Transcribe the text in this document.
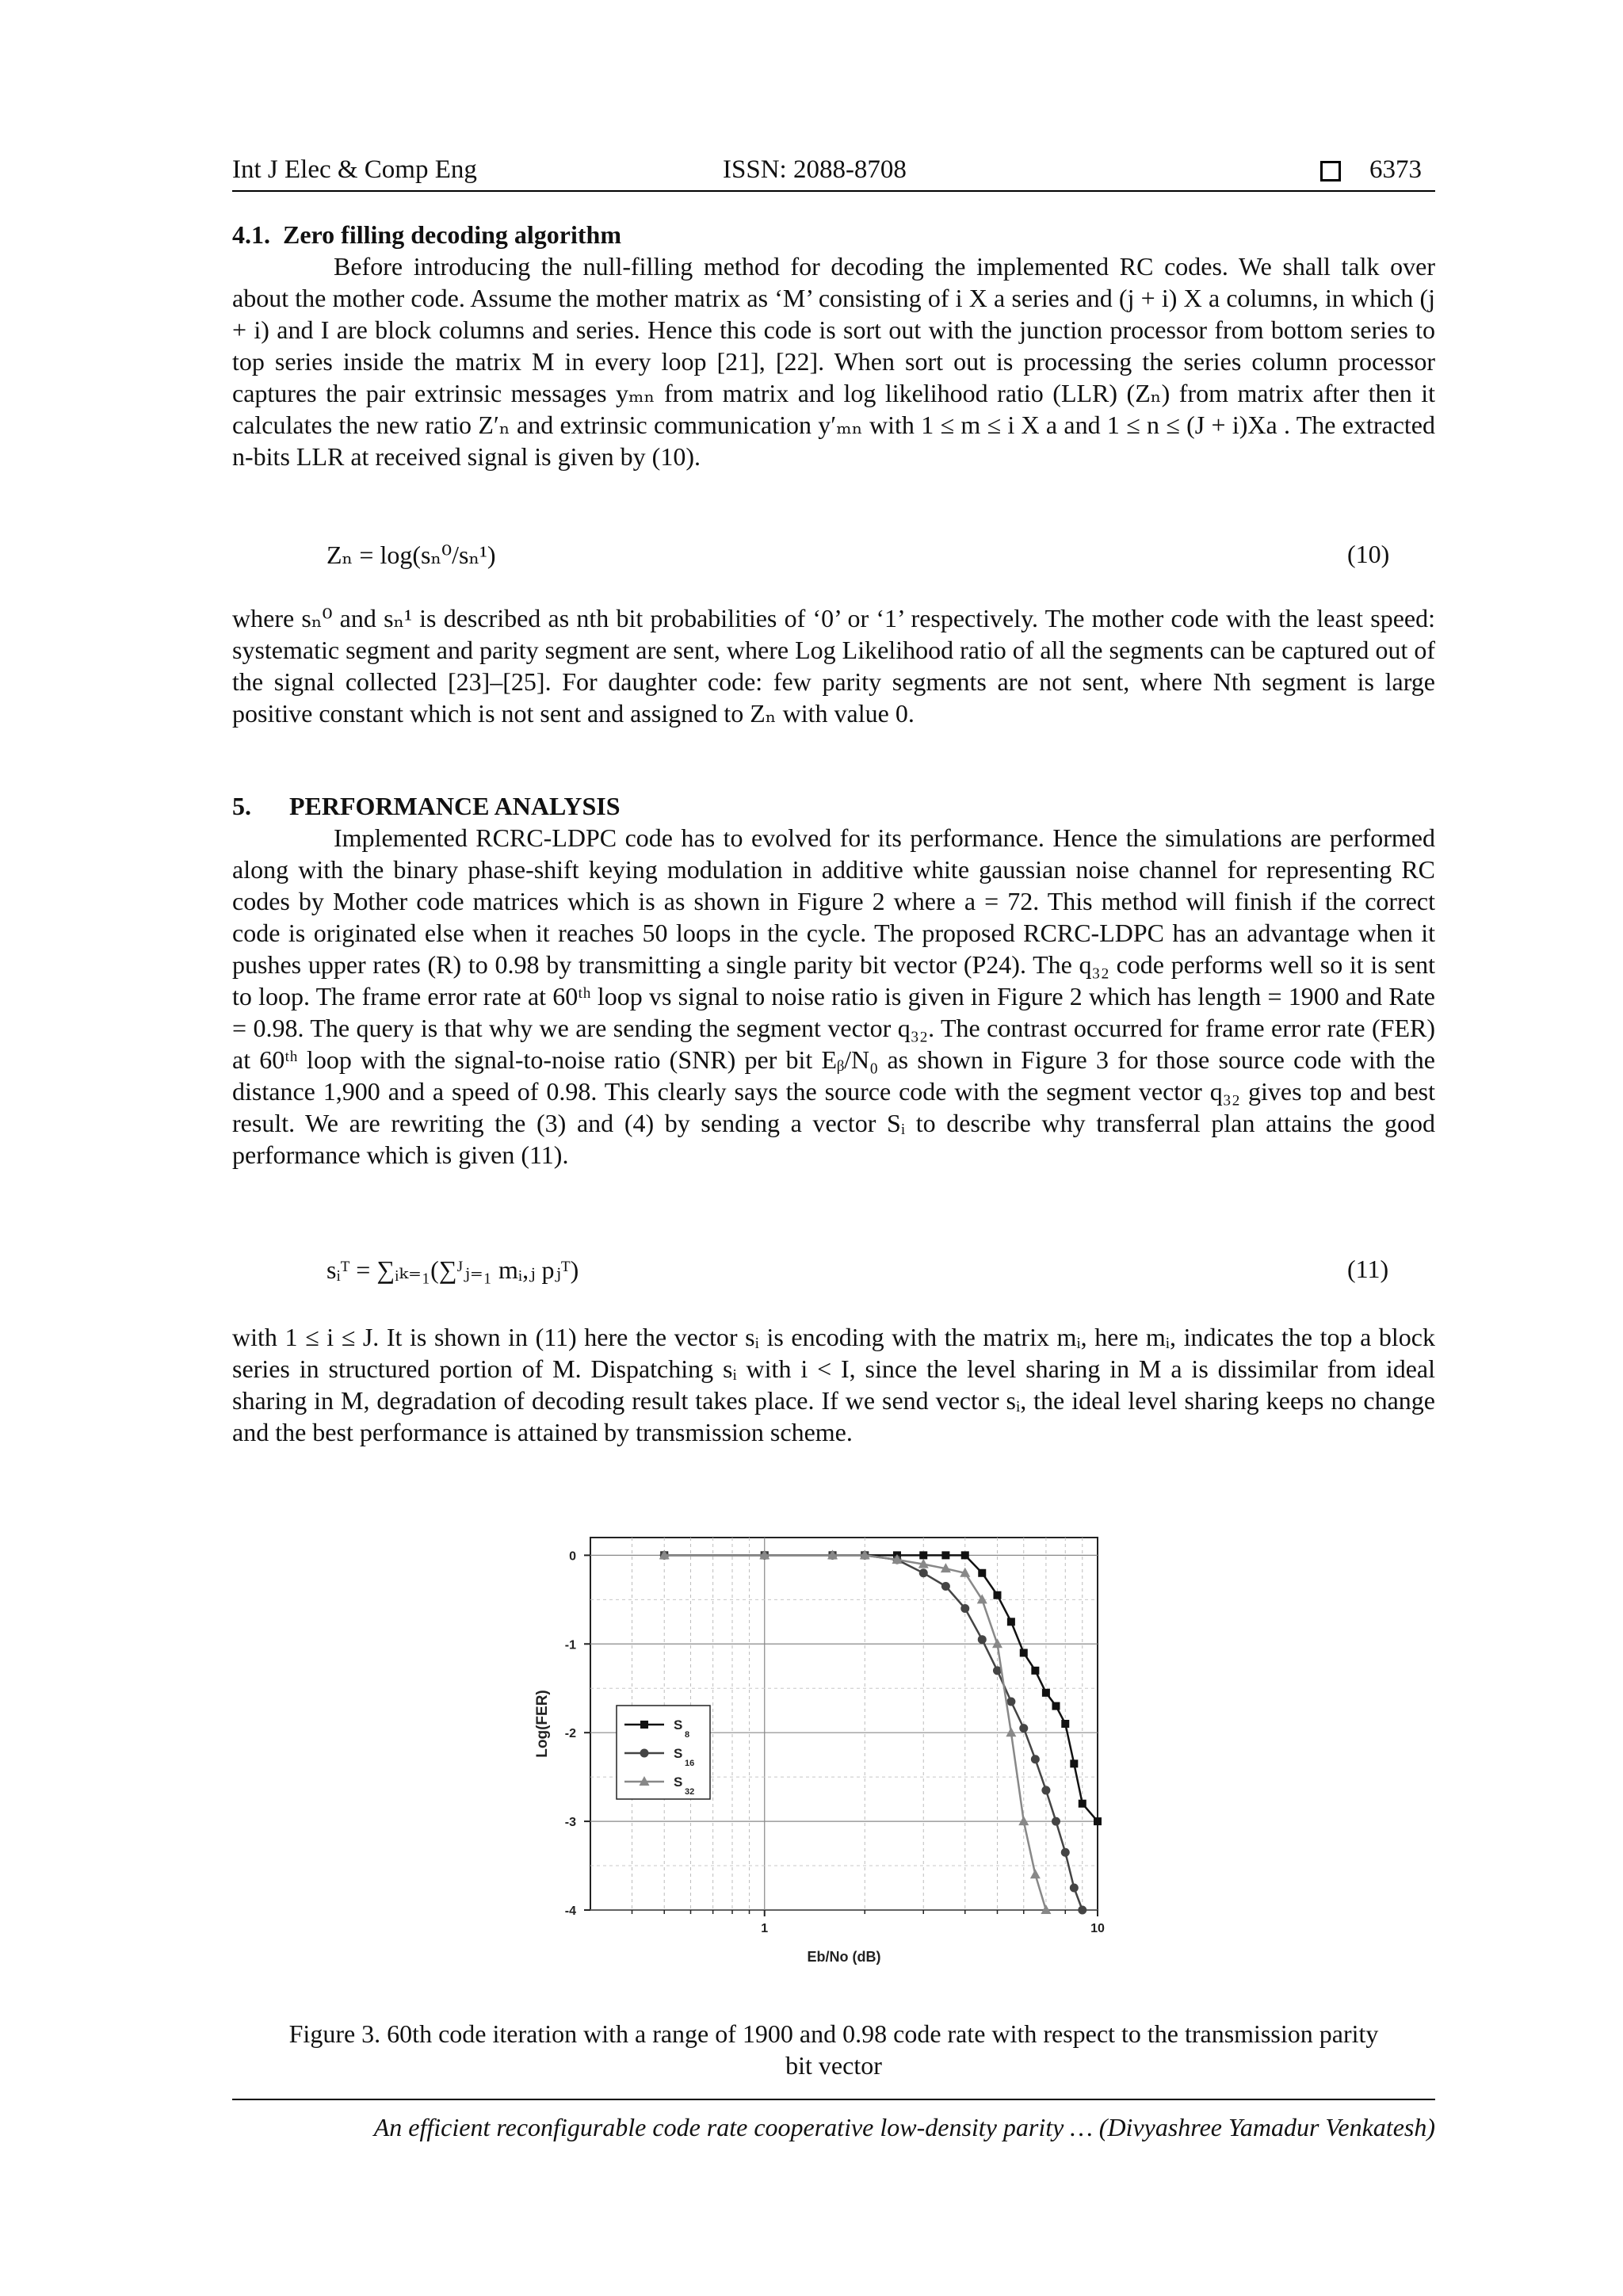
Int J Elec & Comp Eng	ISSN: 2088-8708	6373

4.1. Zero filling decoding algorithm

Before introducing the null-filling method for decoding the implemented RC codes. We shall talk over about the mother code. Assume the mother matrix as ‘M’ consisting of i X a series and (j + i) X a columns, in which (j + i) and I are block columns and series. Hence this code is sort out with the junction processor from bottom series to top series inside the matrix M in every loop [21], [22]. When sort out is processing the series column processor captures the pair extrinsic messages yₘₙ from matrix and log likelihood ratio (LLR) (Zₙ) from matrix after then it calculates the new ratio Z′ₙ and extrinsic communication y′ₘₙ with 1 ≤ m ≤ i X a and 1 ≤ n ≤ (J + i)Xa . The extracted n-bits LLR at received signal is given by (10).

Zₙ = log(sₙ⁰/sₙ¹)	(10)
where sₙ⁰ and sₙ¹ is described as nth bit probabilities of ‘0’ or ‘1’ respectively. The mother code with the least speed: systematic segment and parity segment are sent, where Log Likelihood ratio of all the segments can be captured out of the signal collected [23]–[25]. For daughter code: few parity segments are not sent, where Nth segment is large positive constant which is not sent and assigned to Zₙ with value 0.

5.  PERFORMANCE ANALYSIS

Implemented RCRC-LDPC code has to evolved for its performance. Hence the simulations are performed along with the binary phase-shift keying modulation in additive white gaussian noise channel for representing RC codes by Mother code matrices which is as shown in Figure 2 where a = 72. This method will finish if the correct code is originated else when it reaches 50 loops in the cycle. The proposed RCRC-LDPC has an advantage when it pushes upper rates (R) to 0.98 by transmitting a single parity bit vector (P24). The q₃₂ code performs well so it is sent to loop. The frame error rate at 60ᵗʰ loop vs signal to noise ratio is given in Figure 2 which has length = 1900 and Rate = 0.98. The query is that why we are sending the segment vector q₃₂. The contrast occurred for frame error rate (FER) at 60ᵗʰ loop with the signal-to-noise ratio (SNR) per bit Eᵦ/N₀ as shown in Figure 3 for those source code with the distance 1,900 and a speed of 0.98. This clearly says the source code with the segment vector q₃₂ gives top and best result. We are rewriting the (3) and (4) by sending a vector Sᵢ to describe why transferral plan attains the good performance which is given (11).

sᵢᵀ = ∑ᵢₖ₌₁(∑ᴶⱼ₌₁ mᵢ,ⱼ pⱼᵀ)	(11)
with 1 ≤ i ≤ J. It is shown in (11) here the vector sᵢ is encoding with the matrix mᵢ, here mᵢ, indicates the top a block series in structured portion of M. Dispatching sᵢ with i < I, since the level sharing in M a is dissimilar from ideal sharing in M, degradation of decoding result takes place. If we send vector sᵢ, the ideal level sharing keeps no change and the best performance is attained by transmission scheme.
0
-1
-2
-3
-4
1	10
Eb/No (dB)
Log(FER)	S
8
S
16
S
32
Figure 3. 60th code iteration with a range of 1900 and 0.98 code rate with respect to the transmission parity
bit vector
An efficient reconfigurable code rate cooperative low-density parity … (Divyashree Yamadur Venkatesh)
